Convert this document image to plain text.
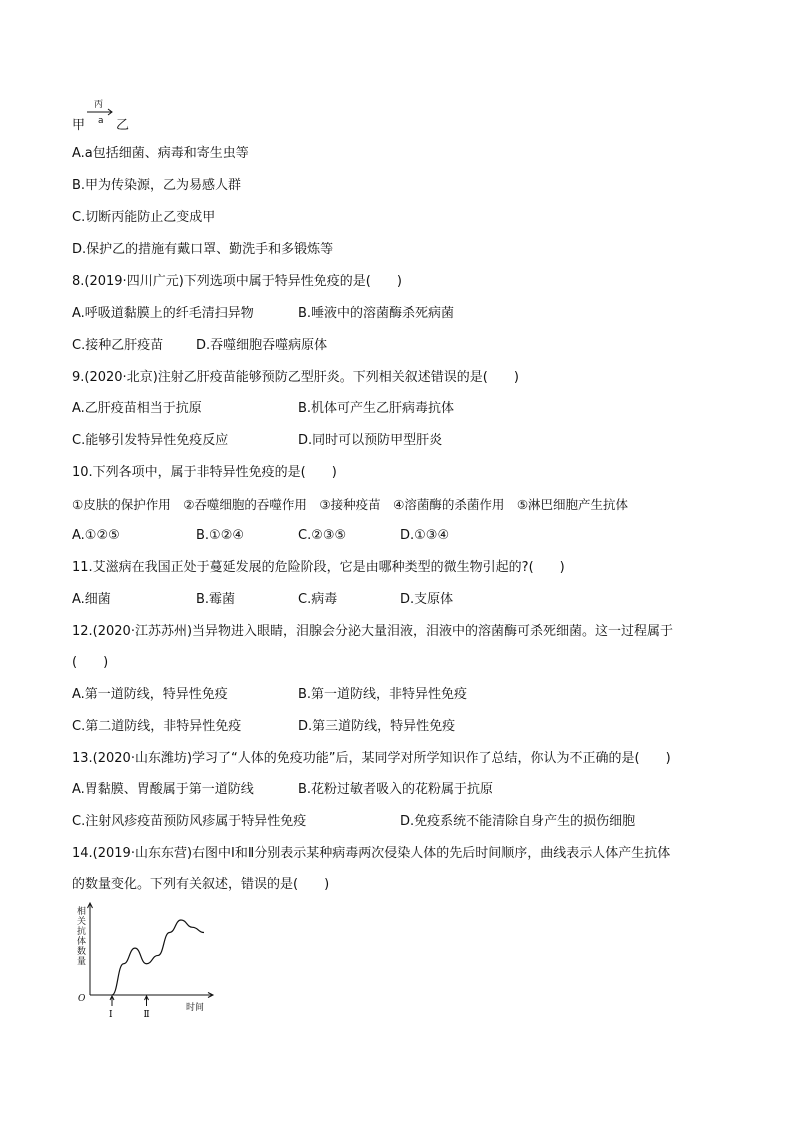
丙
a
甲 乙
A.a包括细菌、病毒和寄生虫等
B.甲为传染源，乙为易感人群
C.切断丙能防止乙变成甲
D.保护乙的措施有戴口罩、勤洗手和多锻炼等
8.(2019·四川广元)下列选项中属于特异性免疫的是(　　)
A.呼吸道黏膜上的纤毛清扫异物	B.唾液中的溶菌酶杀死病菌
C.接种乙肝疫苗	D.吞噬细胞吞噬病原体
9.(2020·北京)注射乙肝疫苗能够预防乙型肝炎。下列相关叙述错误的是(　　)
A.乙肝疫苗相当于抗原	B.机体可产生乙肝病毒抗体
C.能够引发特异性免疫反应	D.同时可以预防甲型肝炎
10.下列各项中，属于非特异性免疫的是(　　)
①皮肤的保护作用　②吞噬细胞的吞噬作用　③接种疫苗　④溶菌酶的杀菌作用　⑤淋巴细胞产生抗体
A.①②⑤	B.①②④	C.②③⑤	D.①③④
11.艾滋病在我国正处于蔓延发展的危险阶段，它是由哪种类型的微生物引起的?(　　)
A.细菌	B.霉菌	C.病毒	D.支原体
12.(2020·江苏苏州)当异物进入眼睛，泪腺会分泌大量泪液，泪液中的溶菌酶可杀死细菌。这一过程属于
(　　)
A.第一道防线，特异性免疫	B.第一道防线，非特异性免疫
C.第二道防线，非特异性免疫	D.第三道防线，特异性免疫
13.(2020·山东潍坊)学习了“人体的免疫功能”后，某同学对所学知识作了总结，你认为不正确的是(　　)
A.胃黏膜、胃酸属于第一道防线	B.花粉过敏者吸入的花粉属于抗原
C.注射风疹疫苗预防风疹属于特异性免疫	D.免疫系统不能清除自身产生的损伤细胞
14.(2019·山东东营)右图中Ⅰ和Ⅱ分别表示某种病毒两次侵染人体的先后时间顺序，曲线表示人体产生抗体
的数量变化。下列有关叙述，错误的是(　　)
相关抗体数量
O
时间
Ⅰ	Ⅱ
